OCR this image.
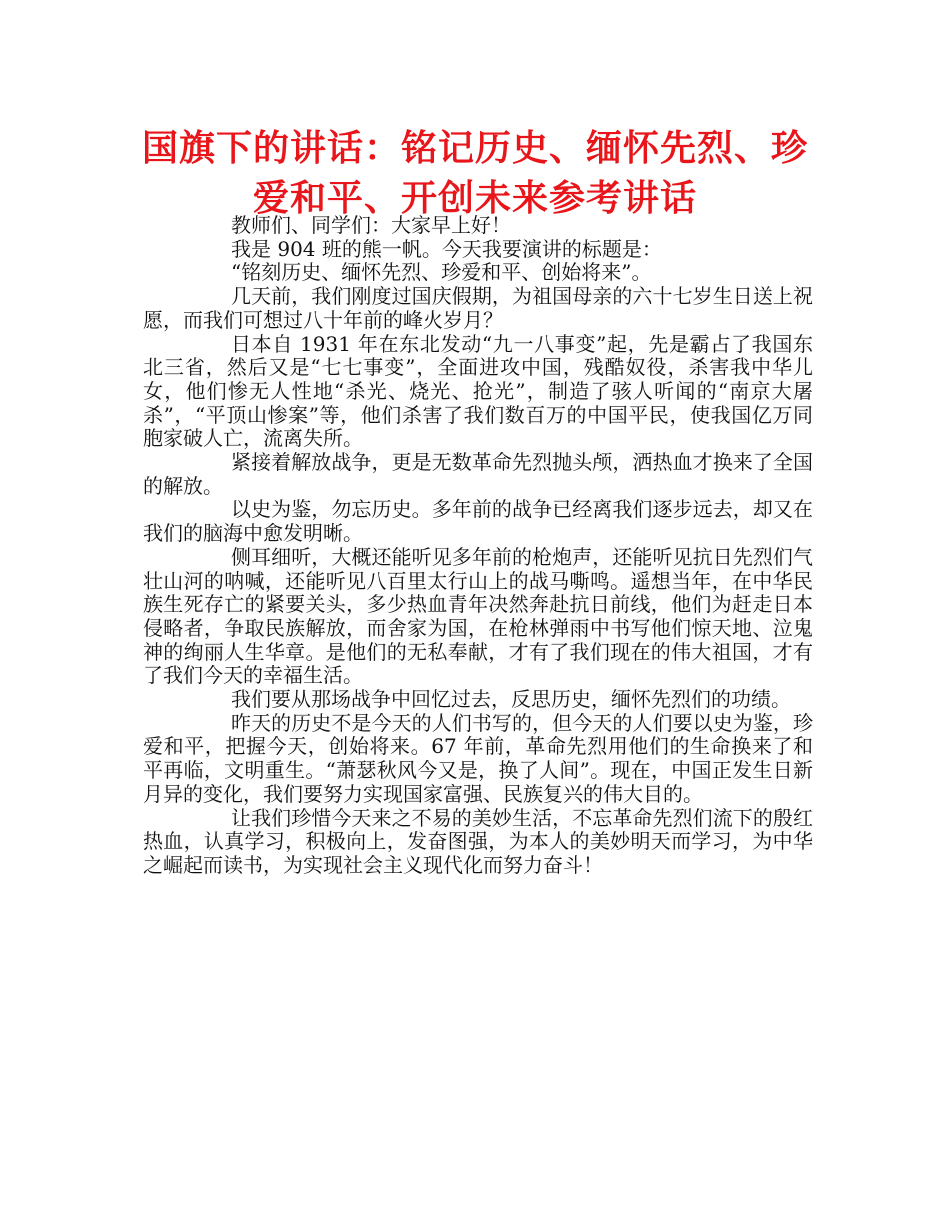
国旗下的讲话：铭记历史、缅怀先烈、珍
爱和平、开创未来参考讲话

教师们、同学们：大家早上好！

我是 904 班的熊一帆。今天我要演讲的标题是：

“铭刻历史、缅怀先烈、珍爱和平、创始将来”。

几天前，我们刚度过国庆假期，为祖国母亲的六十七岁生日送上祝愿，而我们可想过八十年前的峰火岁月？

日本自 1931 年在东北发动“九一八事变”起，先是霸占了我国东北三省，然后又是“七七事变”，全面进攻中国，残酷奴役，杀害我中华儿女，他们惨无人性地“杀光、烧光、抢光”，制造了骇人听闻的“南京大屠杀”，“平顶山惨案”等，他们杀害了我们数百万的中国平民，使我国亿万同胞家破人亡，流离失所。

紧接着解放战争，更是无数革命先烈抛头颅，洒热血才换来了全国的解放。

以史为鉴，勿忘历史。多年前的战争已经离我们逐步远去，却又在我们的脑海中愈发明晰。

侧耳细听，大概还能听见多年前的枪炮声，还能听见抗日先烈们气壮山河的呐喊，还能听见八百里太行山上的战马嘶鸣。遥想当年，在中华民族生死存亡的紧要关头，多少热血青年决然奔赴抗日前线，他们为赶走日本侵略者，争取民族解放，而舍家为国，在枪林弹雨中书写他们惊天地、泣鬼神的绚丽人生华章。是他们的无私奉献，才有了我们现在的伟大祖国，才有了我们今天的幸福生活。

我们要从那场战争中回忆过去，反思历史，缅怀先烈们的功绩。

昨天的历史不是今天的人们书写的，但今天的人们要以史为鉴，珍爱和平，把握今天，创始将来。67 年前，革命先烈用他们的生命换来了和平再临，文明重生。“萧瑟秋风今又是，换了人间”。现在，中国正发生日新月异的变化，我们要努力实现国家富强、民族复兴的伟大目的。

让我们珍惜今天来之不易的美妙生活，不忘革命先烈们流下的殷红热血，认真学习，积极向上，发奋图强，为本人的美妙明天而学习，为中华之崛起而读书，为实现社会主义现代化而努力奋斗！
